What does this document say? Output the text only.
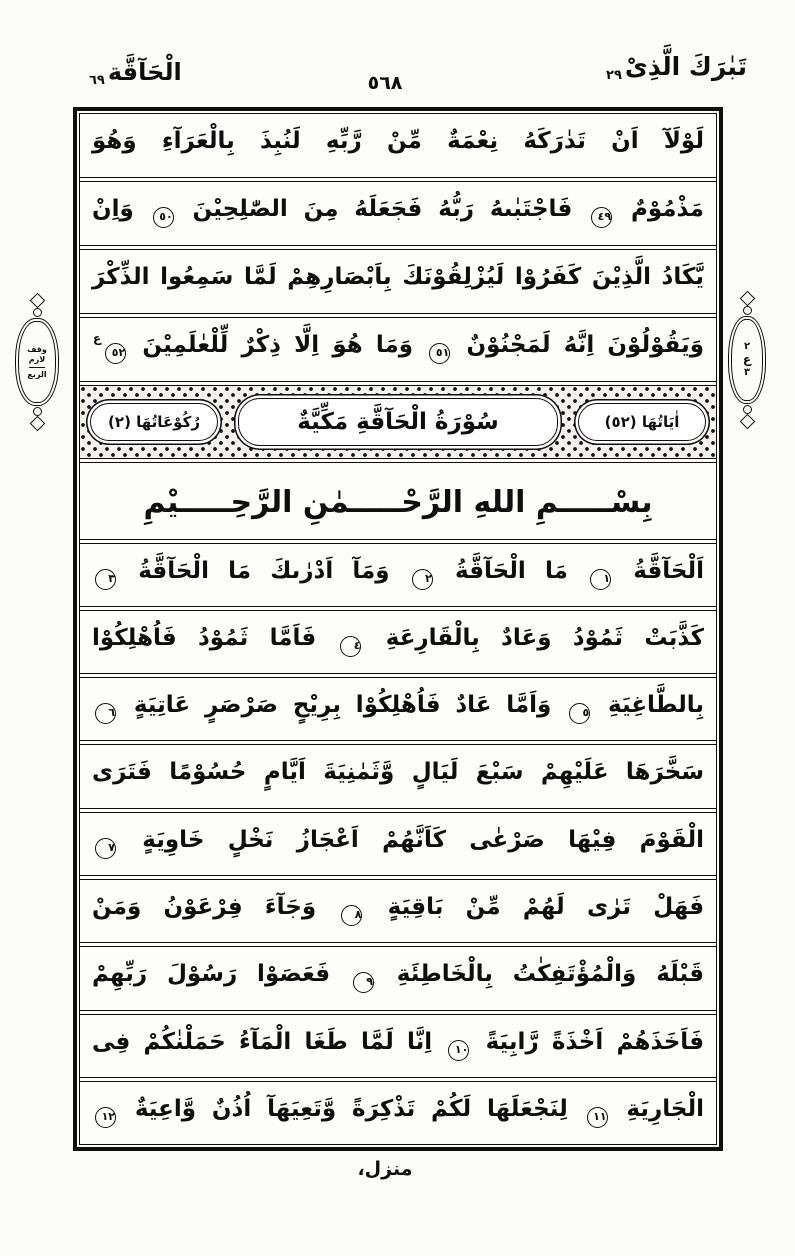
تَبٰرَكَ الَّذِىْ٢٩
٥٦٨
الْحَآقَّة٦٩
وقف لازم
الربع
٢
ع
٣
لَوْلَآ اَنْ تَدٰرَكَهُ نِعْمَةٌ مِّنْ رَّبِّهِ لَنُبِذَ بِالْعَرَآءِ وَهُوَ
مَذْمُوْمٌ ٤٩ فَاجْتَبٰىهُ رَبُّهُ فَجَعَلَهُ مِنَ الصّٰلِحِيْنَ ٥٠ وَاِنْ
يَّكَادُ الَّذِيْنَ كَفَرُوْا لَيُزْلِقُوْنَكَ بِاَبْصَارِهِمْ لَمَّا سَمِعُوا الذِّكْرَ
وَيَقُوْلُوْنَ اِنَّهُ لَمَجْنُوْنٌ ٥١ وَمَا هُوَ اِلَّا ذِكْرٌ لِّلْعٰلَمِيْنَ $٥٢^ع$
اٰيَاتُهَا (٥٢)
سُوْرَةُ الْحَآقَّةِ مَكِّيَّةٌ
رُكُوْعَاتُهَا (٢)
بِسْـــــمِ اللهِ الرَّحْـــــمٰنِ الرَّحِـــــيْمِ
اَلْحَآقَّةُ ١ مَا الْحَآقَّةُ ٢ وَمَآ اَدْرٰىكَ مَا الْحَآقَّةُ ٣
كَذَّبَتْ ثَمُوْدُ وَعَادٌ بِالْقَارِعَةِ ٤ فَاَمَّا ثَمُوْدُ فَاُهْلِكُوْا
بِالطَّاغِيَةِ ٥ وَاَمَّا عَادٌ فَاُهْلِكُوْا بِرِيْحٍ صَرْصَرٍ عَاتِيَةٍ ٦
سَخَّرَهَا عَلَيْهِمْ سَبْعَ لَيَالٍ وَّثَمٰنِيَةَ اَيَّامٍ حُسُوْمًا فَتَرَى
الْقَوْمَ فِيْهَا صَرْعٰى كَاَنَّهُمْ اَعْجَازُ نَخْلٍ خَاوِيَةٍ ٧
فَهَلْ تَرٰى لَهُمْ مِّنْ بَاقِيَةٍ ٨ وَجَآءَ فِرْعَوْنُ وَمَنْ
قَبْلَهُ وَالْمُؤْتَفِكٰتُ بِالْخَاطِئَةِ ٩ فَعَصَوْا رَسُوْلَ رَبِّهِمْ
فَاَخَذَهُمْ اَخْذَةً رَّابِيَةً ١٠ اِنَّا لَمَّا طَغَا الْمَآءُ حَمَلْنٰكُمْ فِى
الْجَارِيَةِ ١١ لِنَجْعَلَهَا لَكُمْ تَذْكِرَةً وَّتَعِيَهَآ اُذُنٌ وَّاعِيَةٌ ١٢
منزل،
